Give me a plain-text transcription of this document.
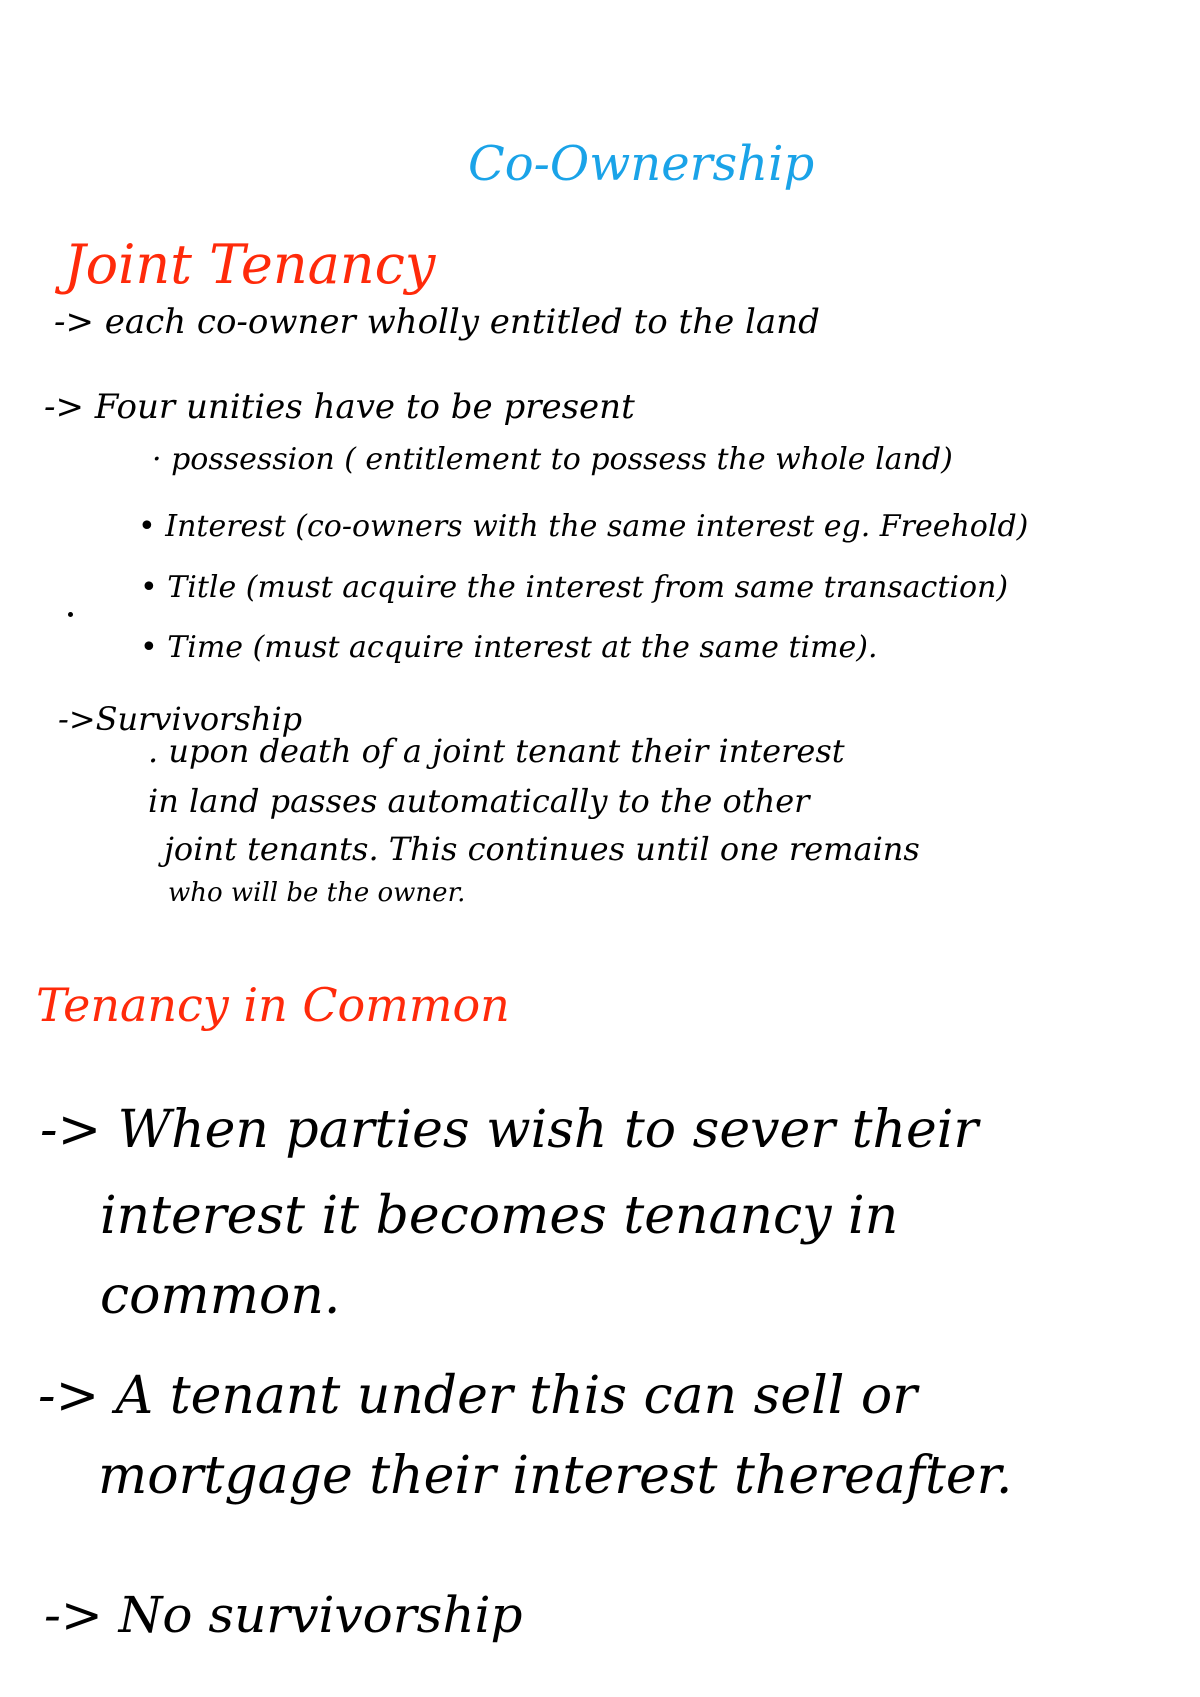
Co-Ownership
Joint Tenancy
-> each co-owner wholly entitled to the land
-> Four unities have to be present
· possession ( entitlement to possess the whole land)
• Interest (co-owners with the same interest eg. Freehold)
• Title (must acquire the interest from same transaction)
• Time (must acquire interest at the same time).
->Survivorship
. upon death of a joint tenant their interest
in land passes automatically to the other
joint tenants. This continues until one remains
who will be the owner.
Tenancy in Common
-> When parties wish to sever their
interest it becomes tenancy in
common.
-> A tenant under this can sell or
mortgage their interest thereafter.
-> No survivorship
